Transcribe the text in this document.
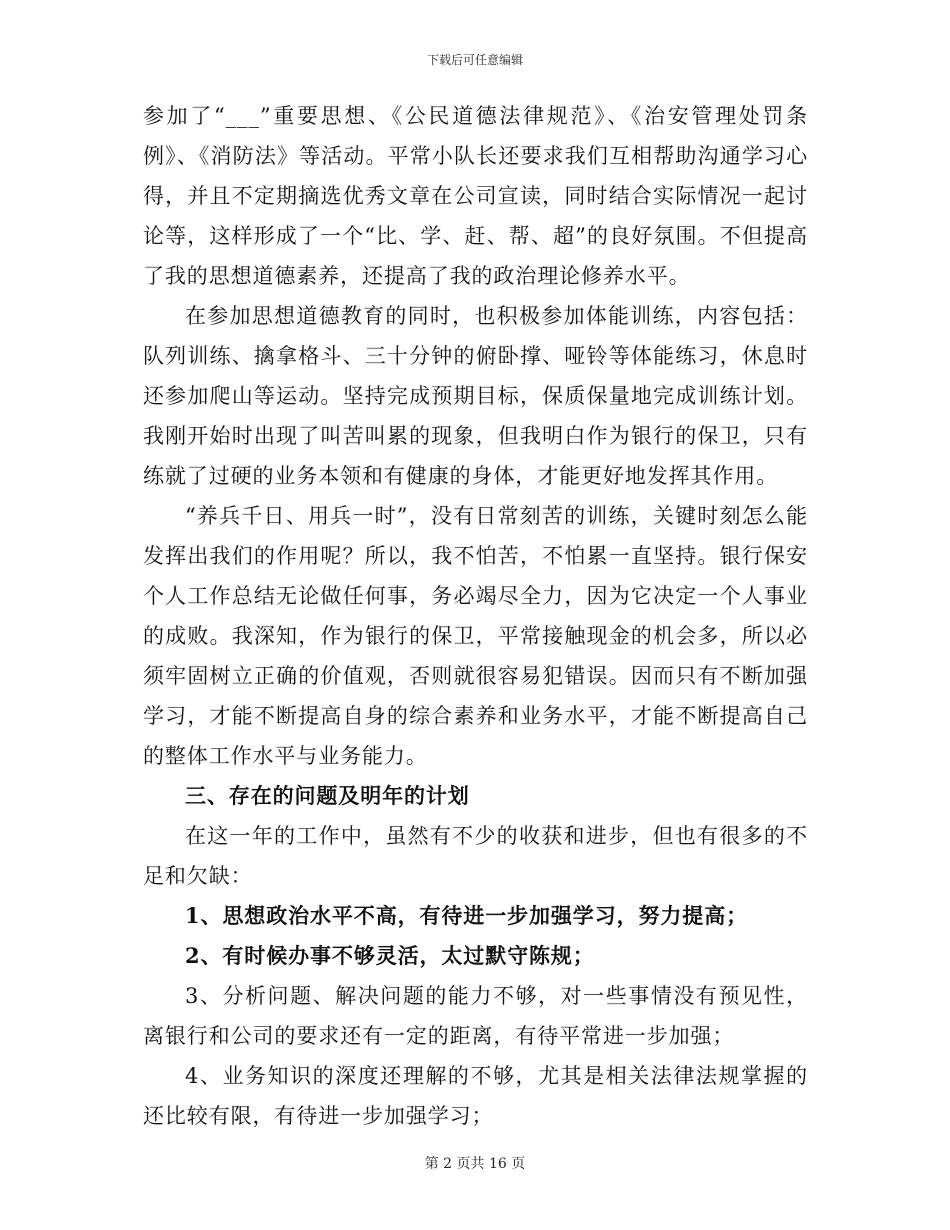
下载后可任意编辑

参加了“___”重要思想、《公民道德法律规范》、《治安管理处罚条例》、《消防法》等活动。平常小队长还要求我们互相帮助沟通学习心得，并且不定期摘选优秀文章在公司宣读，同时结合实际情况一起讨论等，这样形成了一个“比、学、赶、帮、超”的良好氛围。不但提高了我的思想道德素养，还提高了我的政治理论修养水平。

在参加思想道德教育的同时，也积极参加体能训练，内容包括：队列训练、擒拿格斗、三十分钟的俯卧撑、哑铃等体能练习，休息时还参加爬山等运动。坚持完成预期目标，保质保量地完成训练计划。我刚开始时出现了叫苦叫累的现象，但我明白作为银行的保卫，只有练就了过硬的业务本领和有健康的身体，才能更好地发挥其作用。

“养兵千日、用兵一时”，没有日常刻苦的训练，关键时刻怎么能发挥出我们的作用呢？所以，我不怕苦，不怕累一直坚持。银行保安个人工作总结无论做任何事，务必竭尽全力，因为它决定一个人事业的成败。我深知，作为银行的保卫，平常接触现金的机会多，所以必须牢固树立正确的价值观，否则就很容易犯错误。因而只有不断加强学习，才能不断提高自身的综合素养和业务水平，才能不断提高自己的整体工作水平与业务能力。

三、存在的问题及明年的计划

在这一年的工作中，虽然有不少的收获和进步，但也有很多的不足和欠缺：

1、思想政治水平不高，有待进一步加强学习，努力提高；

2、有时候办事不够灵活，太过默守陈规；

3、分析问题、解决问题的能力不够，对一些事情没有预见性，离银行和公司的要求还有一定的距离，有待平常进一步加强；

4、业务知识的深度还理解的不够，尤其是相关法律法规掌握的还比较有限，有待进一步加强学习；

第 2 页共 16 页
